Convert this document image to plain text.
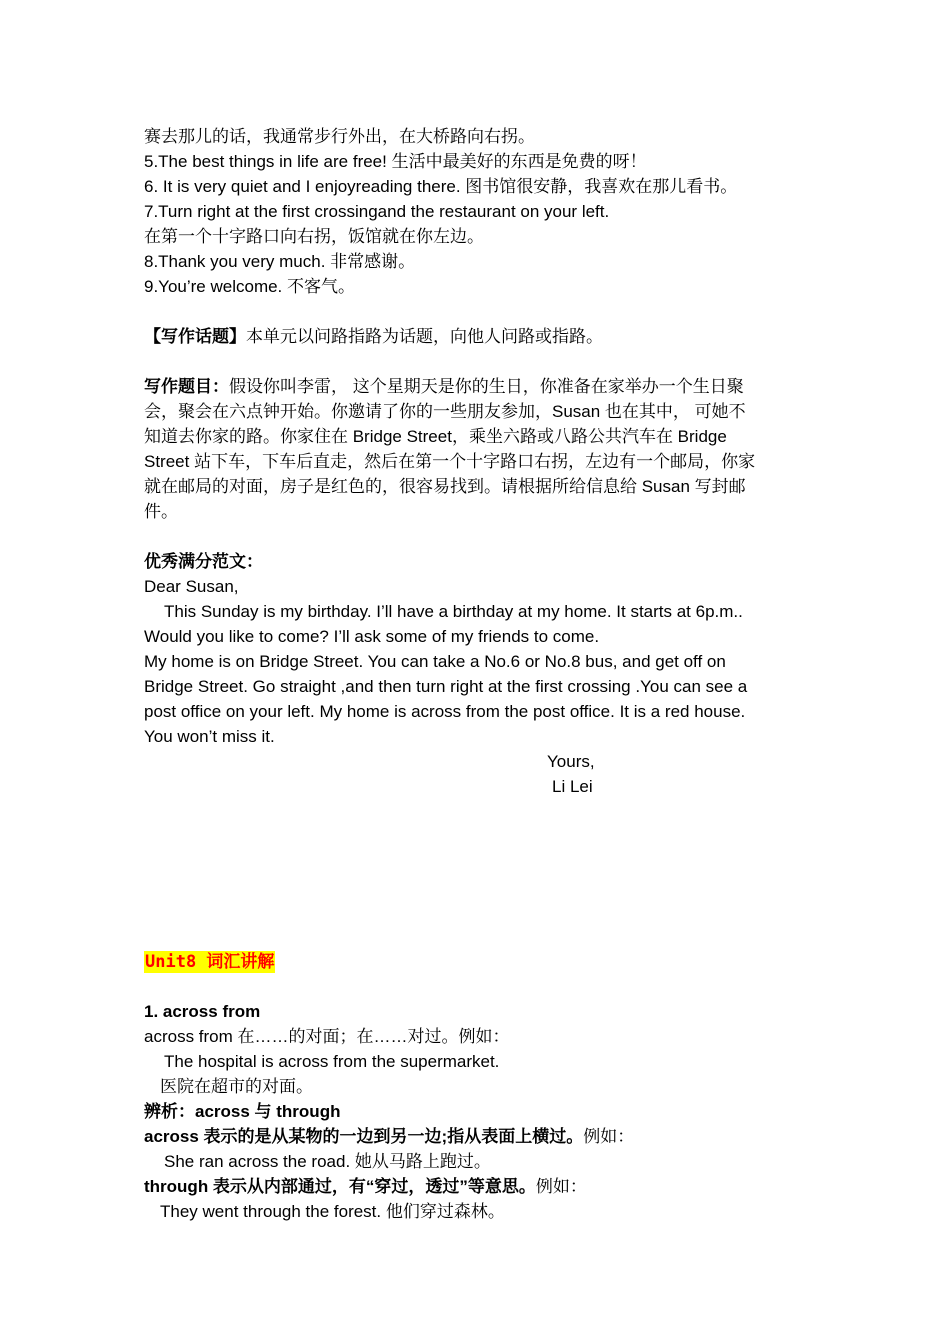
赛去那儿的话，我通常步行外出，在大桥路向右拐。
5.The best things in life are free! 生活中最美好的东西是免费的呀！
6. It is very quiet and I enjoyreading there. 图书馆很安静，我喜欢在那儿看书。
7.Turn right at the first crossingand the restaurant on your left.
在第一个十字路口向右拐，饭馆就在你左边。
8.Thank you very much. 非常感谢。
9.You’re welcome. 不客气。
【写作话题】本单元以问路指路为话题，向他人问路或指路。
写作题目：假设你叫李雷， 这个星期天是你的生日，你准备在家举办一个生日聚
会，聚会在六点钟开始。你邀请了你的一些朋友参加，Susan 也在其中， 可她不
知道去你家的路。你家住在 Bridge Street，乘坐六路或八路公共汽车在 Bridge
Street 站下车，下车后直走，然后在第一个十字路口右拐，左边有一个邮局，你家
就在邮局的对面，房子是红色的，很容易找到。请根据所给信息给 Susan 写封邮
件。
优秀满分范文：
Dear Susan,
This Sunday is my birthday. I’ll have a birthday at my home. It starts at 6p.m..
Would you like to come? I’ll ask some of my friends to come.
My home is on Bridge Street. You can take a No.6 or No.8 bus, and get off on
Bridge Street. Go straight ,and then turn right at the first crossing .You can see a
post office on your left. My home is across from the post office. It is a red house.
You won’t miss it.
Yours,
Li Lei
Unit8 词汇讲解
1. across from
across from 在……的对面；在……对过。例如：
The hospital is across from the supermarket.
医院在超市的对面。
辨析：across 与 through
across 表示的是从某物的一边到另一边;指从表面上横过。例如：
She ran across the road. 她从马路上跑过。
through 表示从内部通过，有“穿过，透过”等意思。例如：
They went through the forest. 他们穿过森林。
